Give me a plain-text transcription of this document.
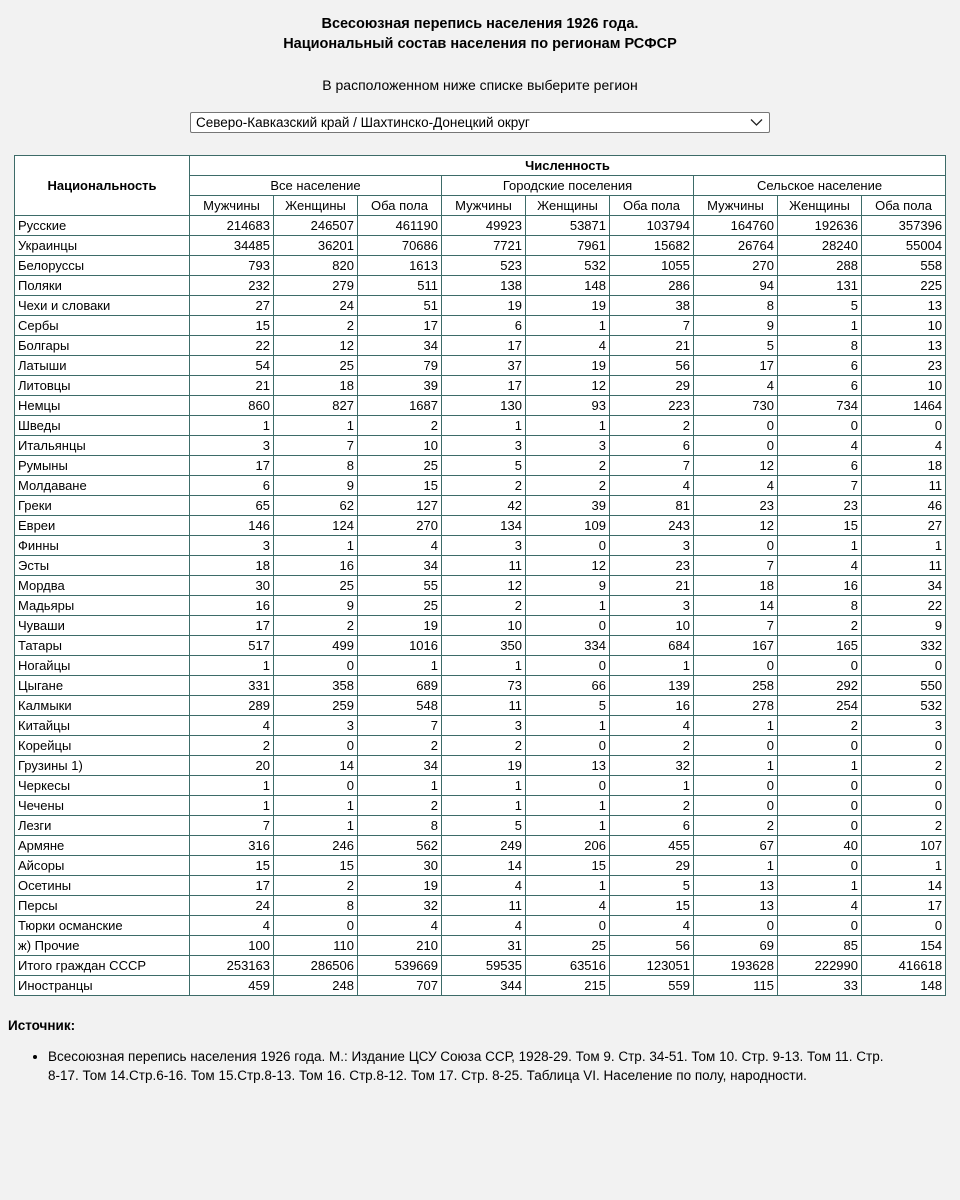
Всесоюзная перепись населения 1926 года.
Национальный состав населения по регионам РСФСР
В расположенном ниже списке выберите регион
Северо-Кавказский край / Шахтинско-Донецкий округ
Национальность	Численность								
	Все население			Городские поселения			Сельское население		
	Мужчины	Женщины	Оба пола	Мужчины	Женщины	Оба пола	Мужчины	Женщины	Оба пола
Русские	214683	246507	461190	49923	53871	103794	164760	192636	357396
Украинцы	34485	36201	70686	7721	7961	15682	26764	28240	55004
Белоруссы	793	820	1613	523	532	1055	270	288	558
Поляки	232	279	511	138	148	286	94	131	225
Чехи и словаки	27	24	51	19	19	38	8	5	13
Сербы	15	2	17	6	1	7	9	1	10
Болгары	22	12	34	17	4	21	5	8	13
Латыши	54	25	79	37	19	56	17	6	23
Литовцы	21	18	39	17	12	29	4	6	10
Немцы	860	827	1687	130	93	223	730	734	1464
Шведы	1	1	2	1	1	2	0	0	0
Итальянцы	3	7	10	3	3	6	0	4	4
Румыны	17	8	25	5	2	7	12	6	18
Молдаване	6	9	15	2	2	4	4	7	11
Греки	65	62	127	42	39	81	23	23	46
Евреи	146	124	270	134	109	243	12	15	27
Финны	3	1	4	3	0	3	0	1	1
Эсты	18	16	34	11	12	23	7	4	11
Мордва	30	25	55	12	9	21	18	16	34
Мадьяры	16	9	25	2	1	3	14	8	22
Чуваши	17	2	19	10	0	10	7	2	9
Татары	517	499	1016	350	334	684	167	165	332
Ногайцы	1	0	1	1	0	1	0	0	0
Цыгане	331	358	689	73	66	139	258	292	550
Калмыки	289	259	548	11	5	16	278	254	532
Китайцы	4	3	7	3	1	4	1	2	3
Корейцы	2	0	2	2	0	2	0	0	0
Грузины 1)	20	14	34	19	13	32	1	1	2
Черкесы	1	0	1	1	0	1	0	0	0
Чечены	1	1	2	1	1	2	0	0	0
Лезги	7	1	8	5	1	6	2	0	2
Армяне	316	246	562	249	206	455	67	40	107
Айсоры	15	15	30	14	15	29	1	0	1
Осетины	17	2	19	4	1	5	13	1	14
Персы	24	8	32	11	4	15	13	4	17
Тюрки османские	4	0	4	4	0	4	0	0	0
ж) Прочие	100	110	210	31	25	56	69	85	154
Итого граждан СССР	253163	286506	539669	59535	63516	123051	193628	222990	416618
Иностранцы	459	248	707	344	215	559	115	33	148
Источник:
• Всесоюзная перепись населения 1926 года. М.: Издание ЦСУ Союза ССР, 1928-29. Том 9. Стр. 34-51. Том 10. Стр. 9-13. Том 11. Стр. 8-17. Том 14.Стр.6-16. Том 15.Стр.8-13. Том 16. Стр.8-12. Том 17. Стр. 8-25. Таблица VI. Население по полу, народности.
